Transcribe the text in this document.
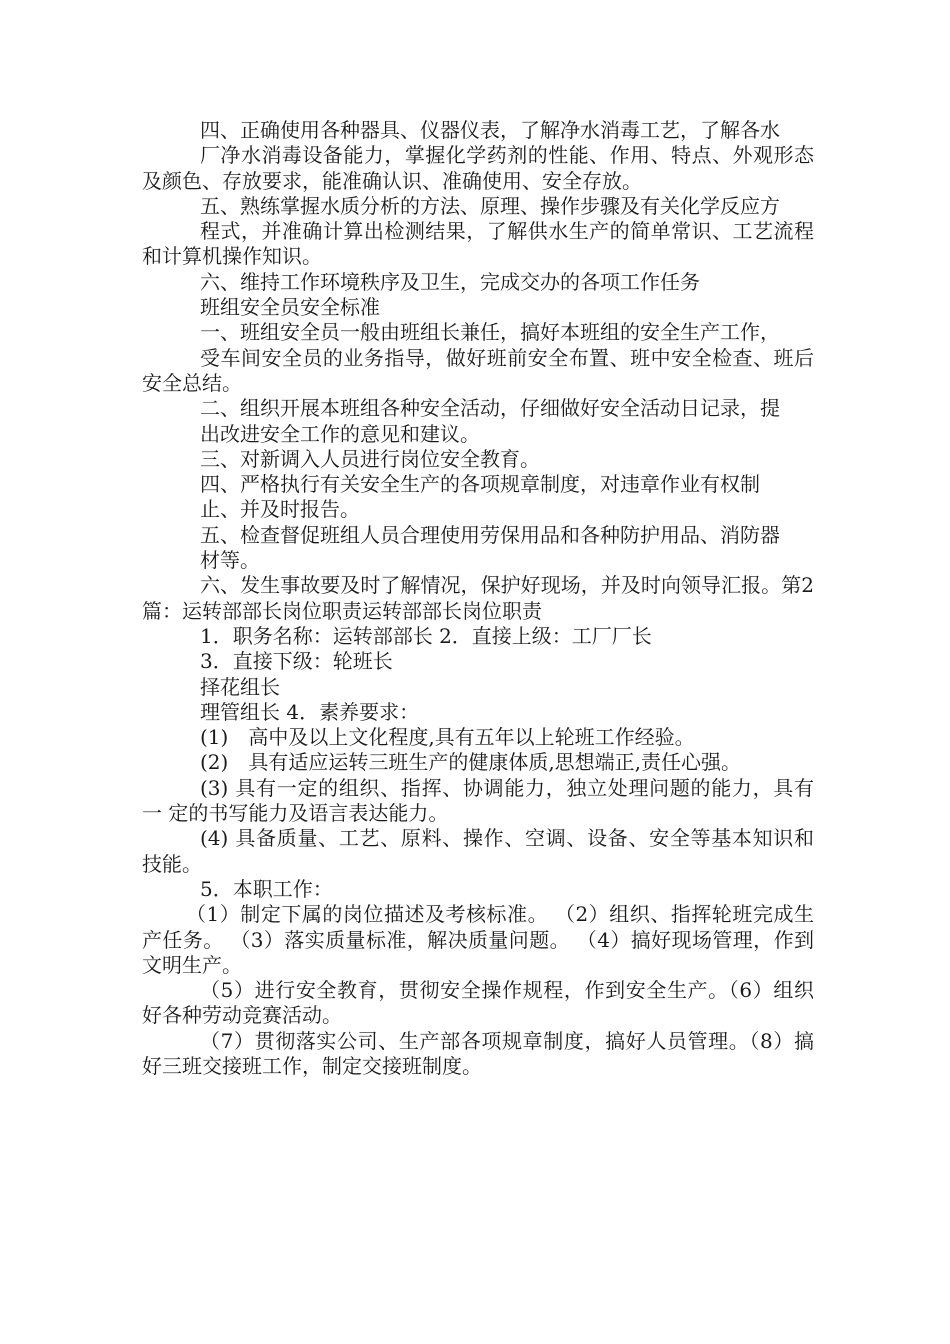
四、正确使用各种器具、仪器仪表，了解净水消毒工艺，了解各水

厂净水消毒设备能力，掌握化学药剂的性能、作用、特点、外观形态及颜色、存放要求，能准确认识、准确使用、安全存放。

五、熟练掌握水质分析的方法、原理、操作步骤及有关化学反应方

程式，并准确计算出检测结果，了解供水生产的简单常识、工艺流程和计算机操作知识。

六、维持工作环境秩序及卫生，完成交办的各项工作任务

班组安全员安全标准

一、班组安全员一般由班组长兼任，搞好本班组的安全生产工作，

受车间安全员的业务指导，做好班前安全布置、班中安全检查、班后安全总结。

二、组织开展本班组各种安全活动，仔细做好安全活动日记录，提

出改进安全工作的意见和建议。

三、对新调入人员进行岗位安全教育。

四、严格执行有关安全生产的各项规章制度，对违章作业有权制

止、并及时报告。

五、检查督促班组人员合理使用劳保用品和各种防护用品、消防器

材等。

六、发生事故要及时了解情况，保护好现场，并及时向领导汇报。第2篇：运转部部长岗位职责运转部部长岗位职责

1．职务名称：运转部部长 2．直接上级：工厂厂长

3．直接下级：轮班长

择花组长

理管组长 4．素养要求：

(1)　高中及以上文化程度,具有五年以上轮班工作经验。

(2)　具有适应运转三班生产的健康体质,思想端正,责任心强。

(3) 具有一定的组织、指挥、协调能力，独立处理问题的能力，具有一 定的书写能力及语言表达能力。

(4) 具备质量、工艺、原料、操作、空调、设备、安全等基本知识和技能。

5．本职工作：

（1）制定下属的岗位描述及考核标准。 （2）组织、指挥轮班完成生产任务。 （3）落实质量标准，解决质量问题。 （4）搞好现场管理，作到文明生产。

（5）进行安全教育，贯彻安全操作规程，作到安全生产。（6）组织好各种劳动竞赛活动。

（7）贯彻落实公司、生产部各项规章制度，搞好人员管理。（8）搞好三班交接班工作，制定交接班制度。
